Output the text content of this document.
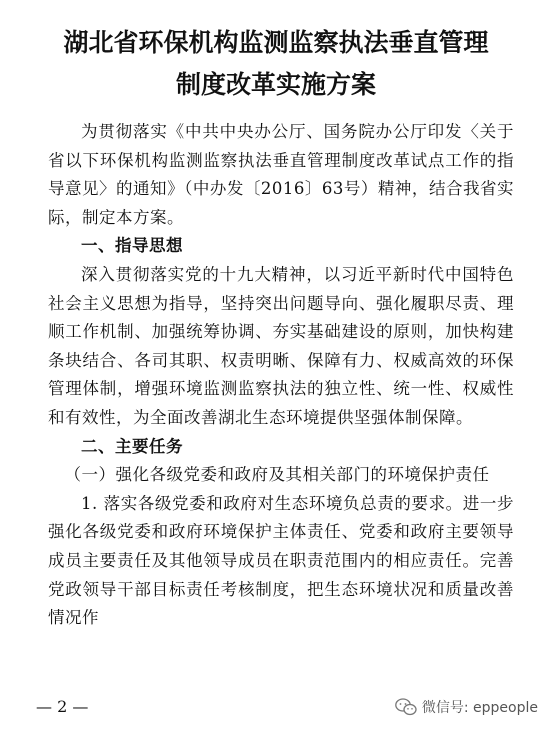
湖北省环保机构监测监察执法垂直管理
制度改革实施方案

为贯彻落实《中共中央办公厅、国务院办公厅印发〈关于省以下环保机构监测监察执法垂直管理制度改革试点工作的指导意见〉的通知》（中办发〔2016〕63号）精神，结合我省实际，制定本方案。

一、指导思想

深入贯彻落实党的十九大精神，以习近平新时代中国特色社会主义思想为指导，坚持突出问题导向、强化履职尽责、理顺工作机制、加强统筹协调、夯实基础建设的原则，加快构建条块结合、各司其职、权责明晰、保障有力、权威高效的环保管理体制，增强环境监测监察执法的独立性、统一性、权威性和有效性，为全面改善湖北生态环境提供坚强体制保障。

二、主要任务

（一）强化各级党委和政府及其相关部门的环境保护责任

1. 落实各级党委和政府对生态环境负总责的要求。进一步强化各级党委和政府环境保护主体责任、党委和政府主要领导成员主要责任及其他领导成员在职责范围内的相应责任。完善党政领导干部目标责任考核制度，把生态环境状况和质量改善情况作

— 2 —	微信号: eppeople
